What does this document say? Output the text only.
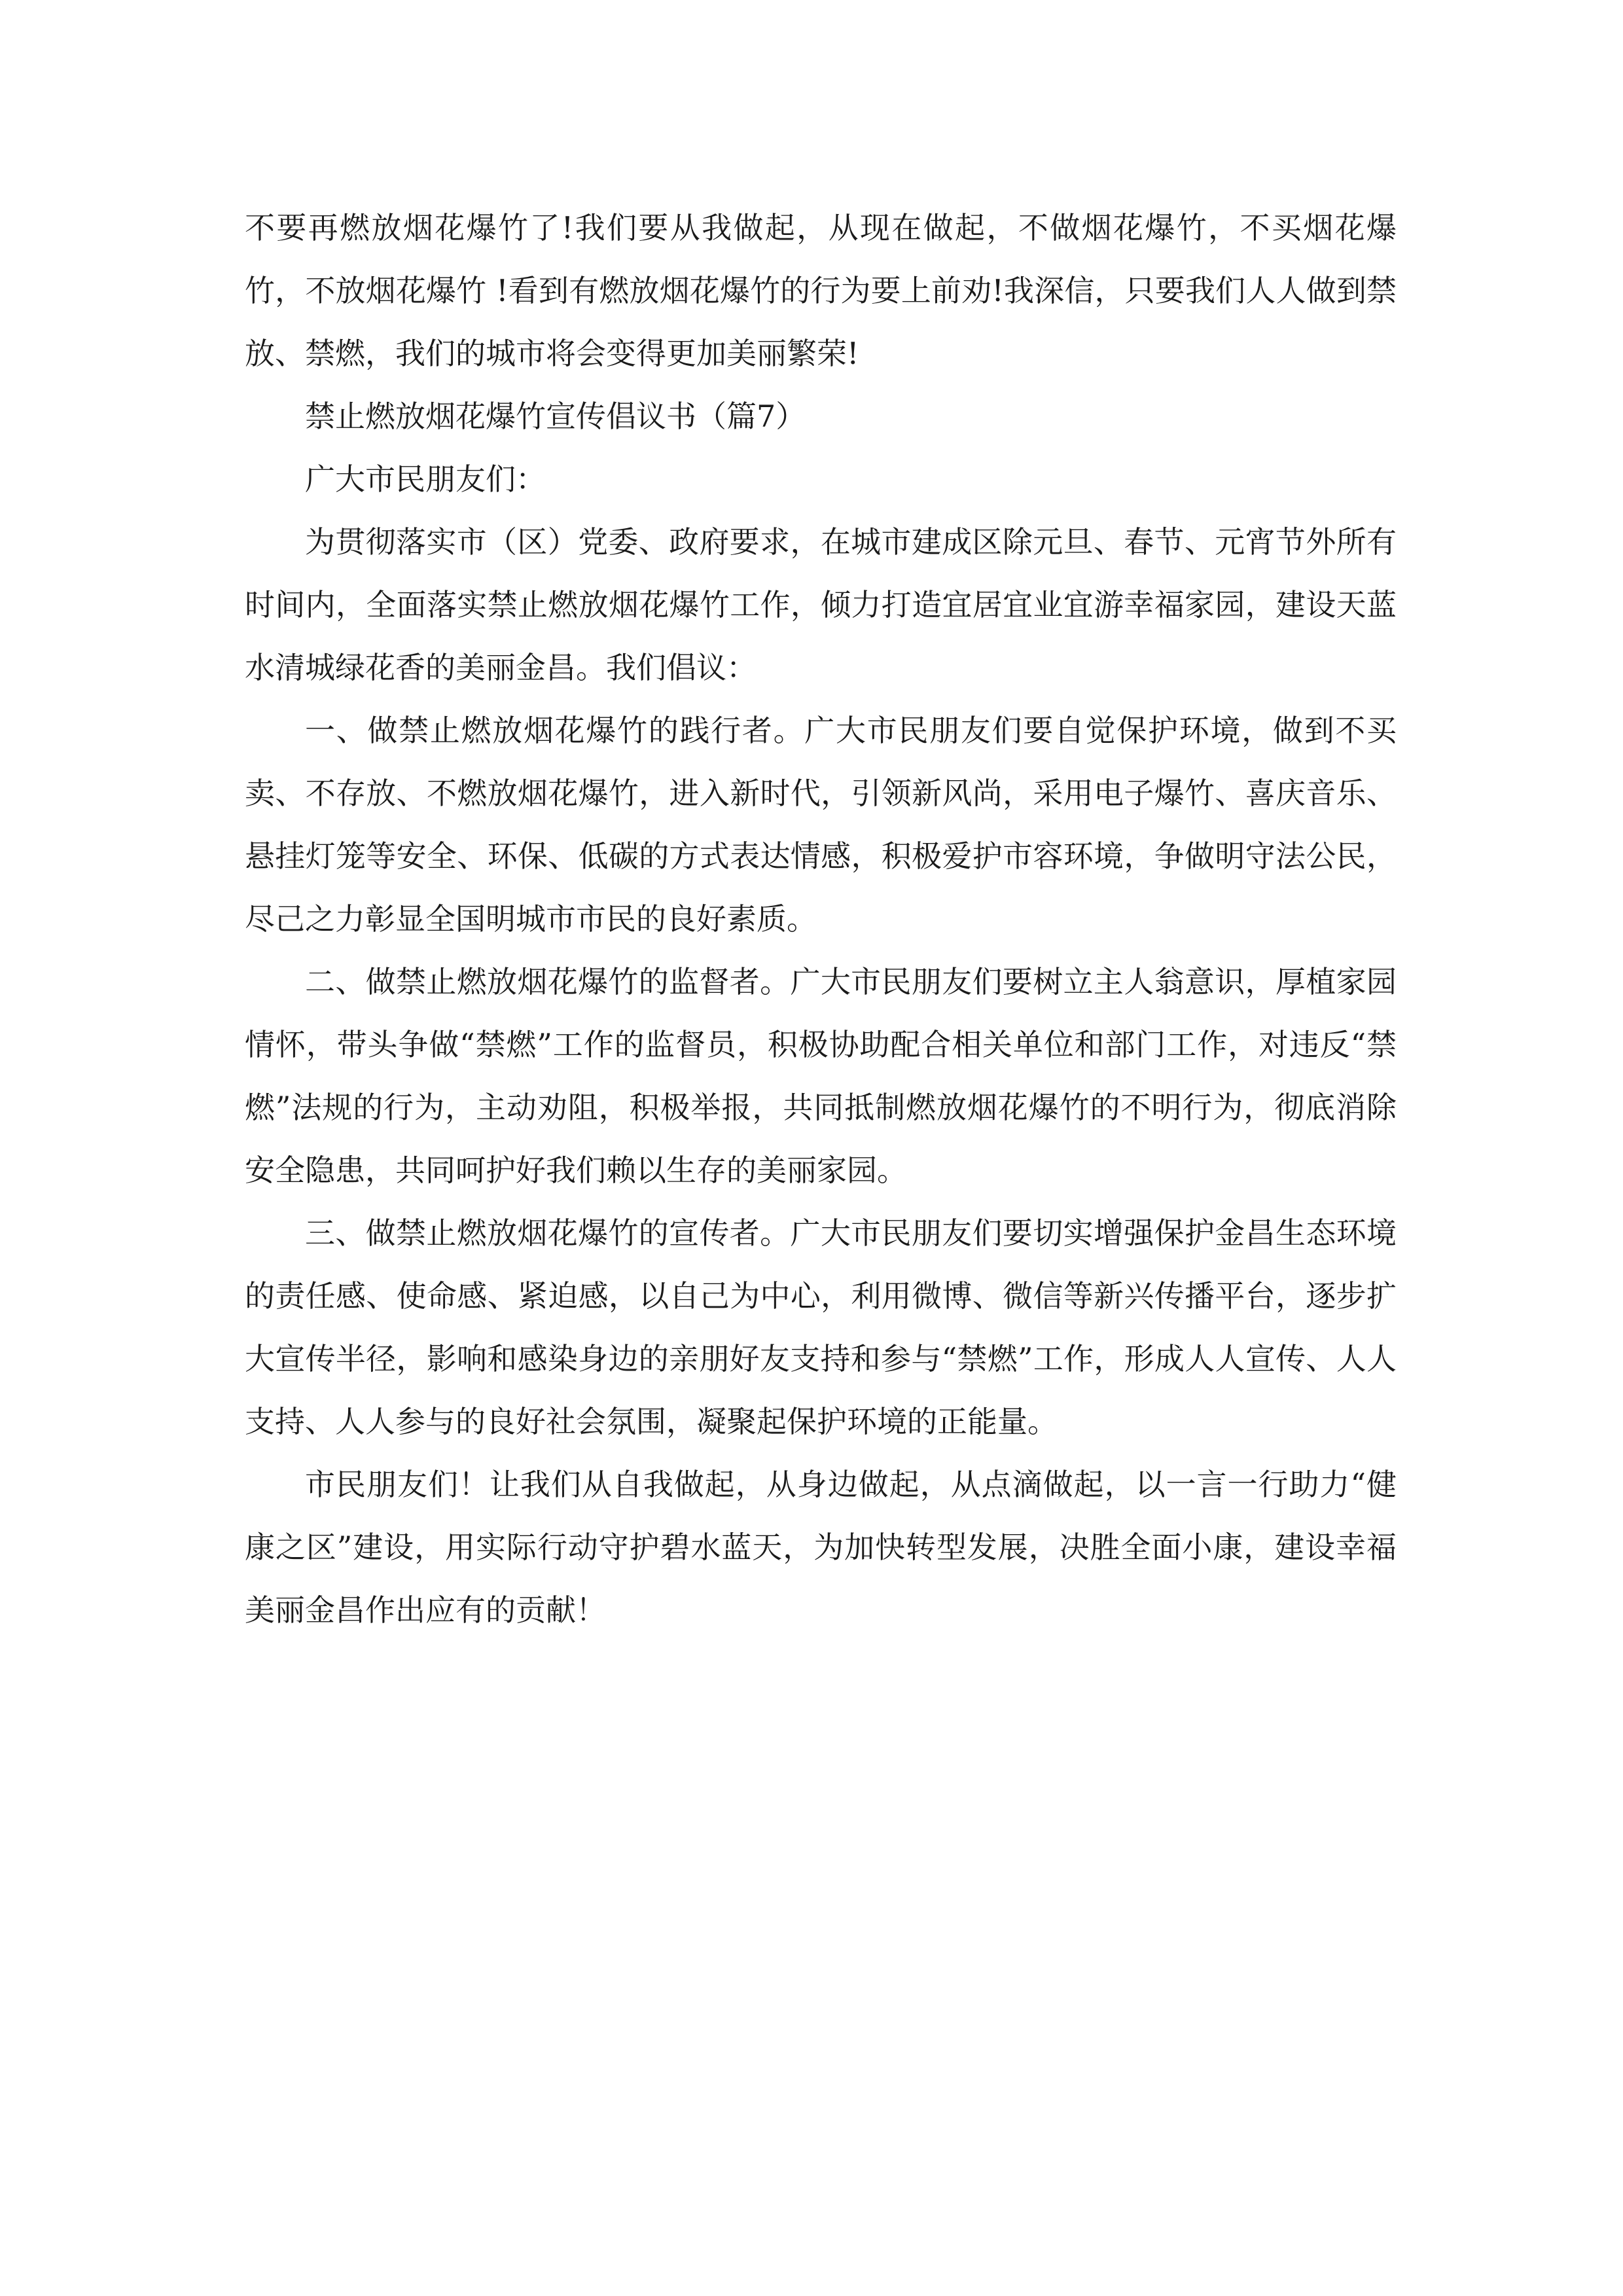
不要再燃放烟花爆竹了!我们要从我做起，从现在做起，不做烟花爆竹，不买烟花爆竹，不放烟花爆竹 !看到有燃放烟花爆竹的行为要上前劝!我深信，只要我们人人做到禁放、禁燃，我们的城市将会变得更加美丽繁荣!

禁止燃放烟花爆竹宣传倡议书（篇7）

广大市民朋友们：

为贯彻落实市（区）党委、政府要求，在城市建成区除元旦、春节、元宵节外所有时间内，全面落实禁止燃放烟花爆竹工作，倾力打造宜居宜业宜游幸福家园，建设天蓝水清城绿花香的美丽金昌。我们倡议：

一、做禁止燃放烟花爆竹的践行者。广大市民朋友们要自觉保护环境，做到不买卖、不存放、不燃放烟花爆竹，进入新时代，引领新风尚，采用电子爆竹、喜庆音乐、悬挂灯笼等安全、环保、低碳的方式表达情感，积极爱护市容环境，争做明守法公民，尽己之力彰显全国明城市市民的良好素质。

二、做禁止燃放烟花爆竹的监督者。广大市民朋友们要树立主人翁意识，厚植家园情怀，带头争做“禁燃”工作的监督员，积极协助配合相关单位和部门工作，对违反“禁燃”法规的行为，主动劝阻，积极举报，共同抵制燃放烟花爆竹的不明行为，彻底消除安全隐患，共同呵护好我们赖以生存的美丽家园。

三、做禁止燃放烟花爆竹的宣传者。广大市民朋友们要切实增强保护金昌生态环境的责任感、使命感、紧迫感，以自己为中心，利用微博、微信等新兴传播平台，逐步扩大宣传半径，影响和感染身边的亲朋好友支持和参与“禁燃”工作，形成人人宣传、人人支持、人人参与的良好社会氛围，凝聚起保护环境的正能量。

市民朋友们！让我们从自我做起，从身边做起，从点滴做起，以一言一行助力“健康之区”建设，用实际行动守护碧水蓝天，为加快转型发展，决胜全面小康，建设幸福美丽金昌作出应有的贡献！
